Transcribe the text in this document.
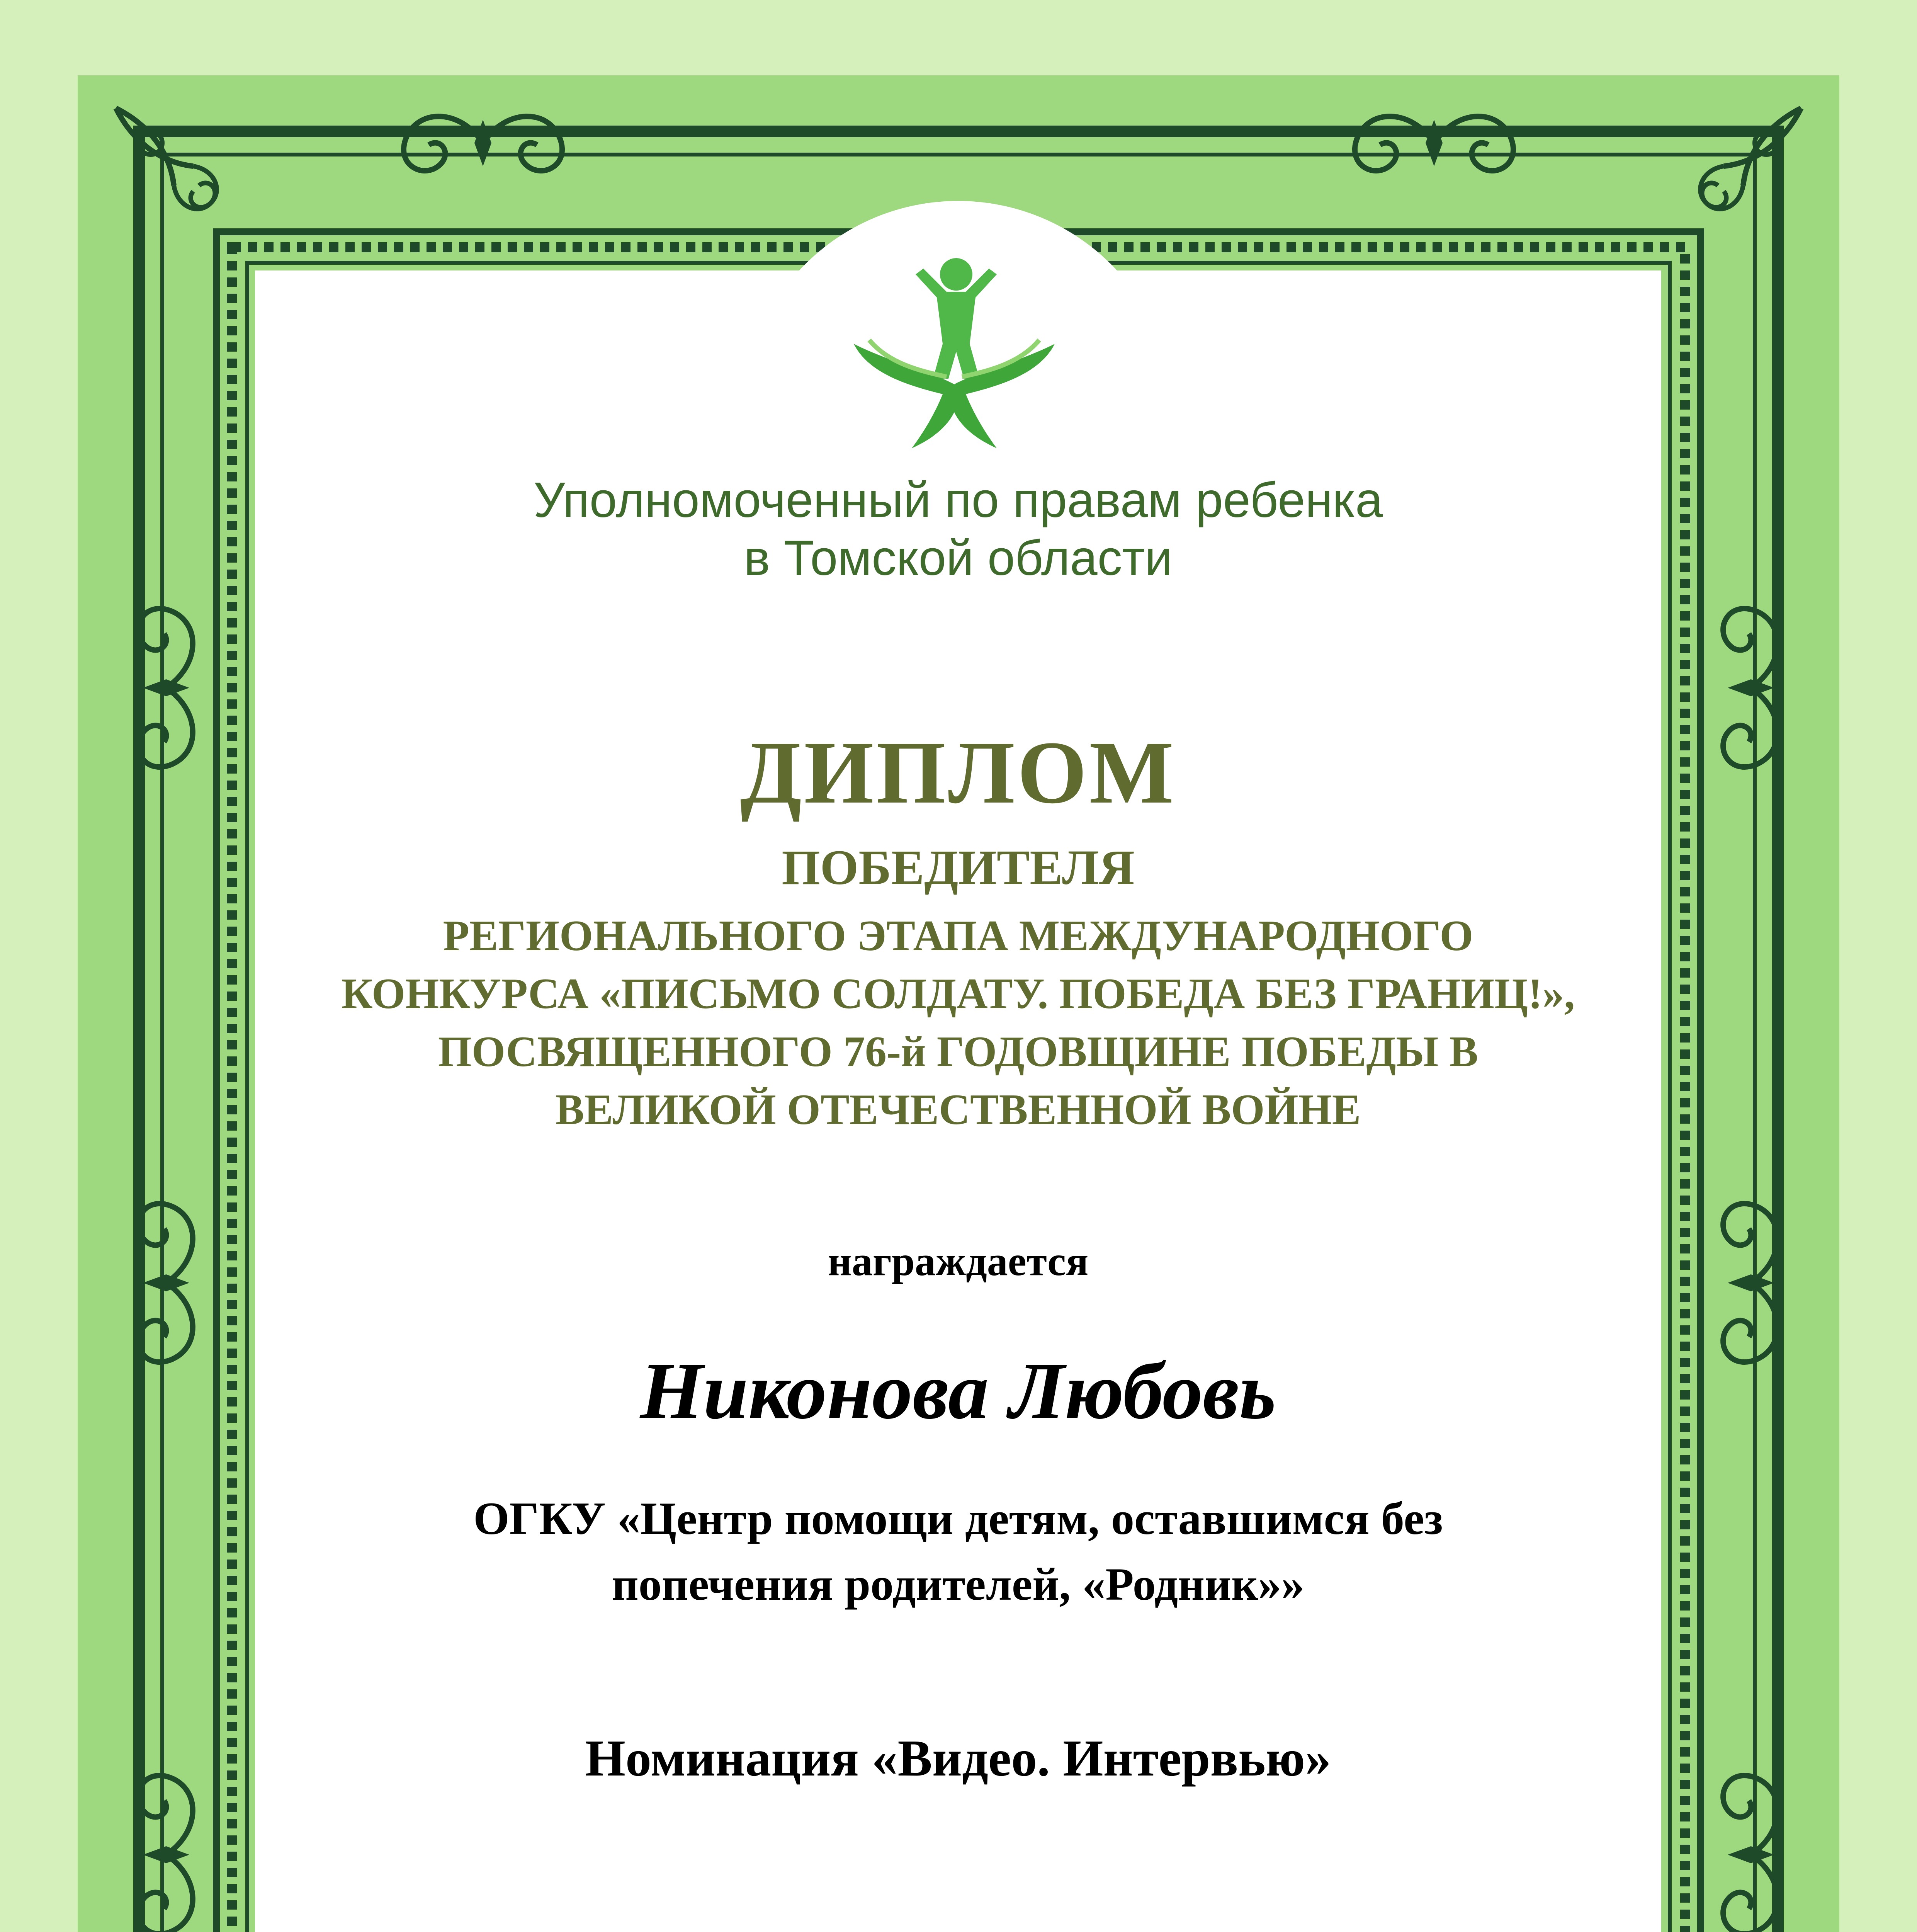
Уполномоченный по правам ребенка

в Томской области

ДИПЛОМ

ПОБЕДИТЕЛЯ

РЕГИОНАЛЬНОГО ЭТАПА МЕЖДУНАРОДНОГО

КОНКУРСА «ПИСЬМО СОЛДАТУ. ПОБЕДА БЕЗ ГРАНИЦ!»,

ПОСВЯЩЕННОГО 76-й ГОДОВЩИНЕ ПОБЕДЫ В

ВЕЛИКОЙ ОТЕЧЕСТВЕННОЙ ВОЙНЕ

награждается

Никонова Любовь

ОГКУ «Центр помощи детям, оставшимся без

попечения родителей, «Родник»»

Номинация «Видео. Интервью»
